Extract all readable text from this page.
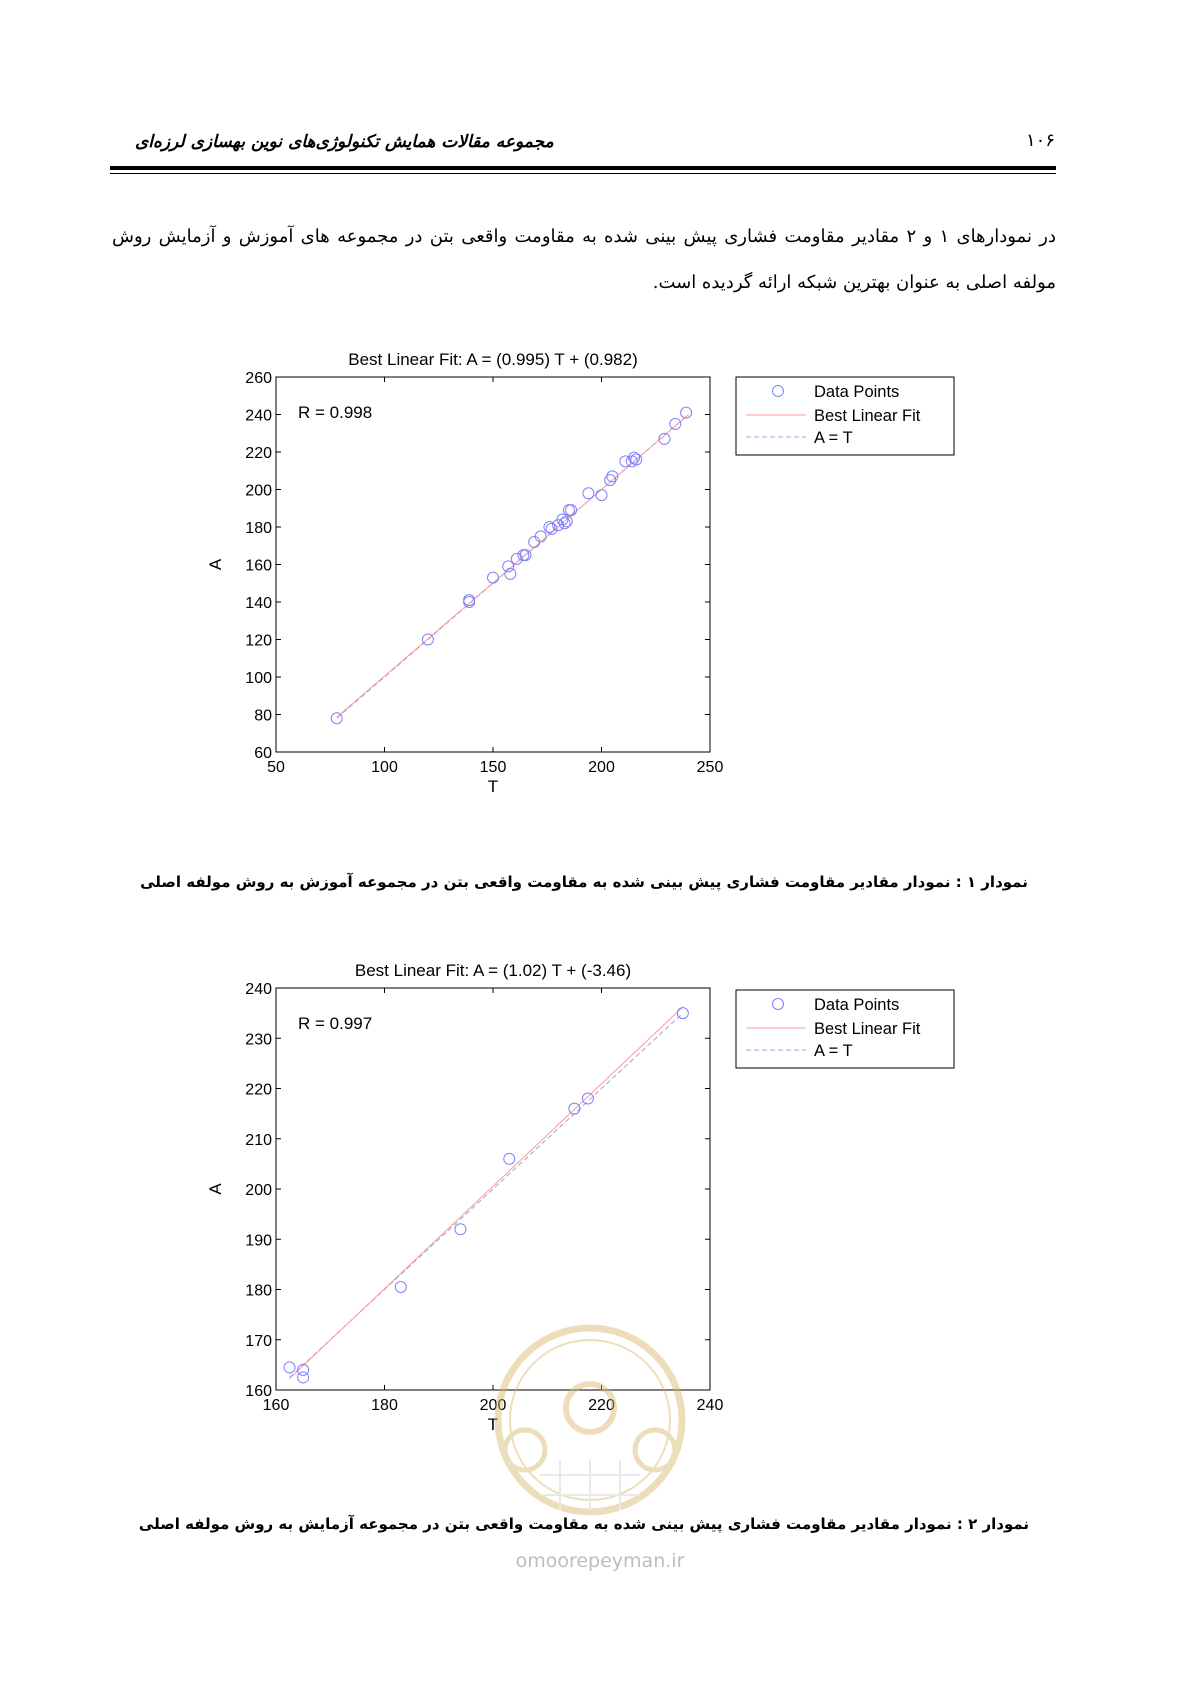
مجموعه مقالات همایش تکنولوژی‌های نوین بهسازی لرزه‌ای	۱۰۶
در نمودارهای ۱ و ۲ مقادیر مقاومت فشاری پیش بینی شده به مقاومت واقعی بتن در مجموعه های آموزش و آزمایش روش مولفه اصلی به عنوان بهترین شبکه ارائه گردیده است.
Best Linear Fit: A = (0.995) T + (0.982)
50	100	150	200	250
60
80
100
120
140
160
180
200
220
240
260
T
A
R = 0.998
Data Points
Best Linear Fit
A = T
Best Linear Fit: A = (1.02) T + (-3.46)
160	180	200	220	240
160
170
180
190
200
210
220
230
240
T
A
R = 0.997
Data Points
Best Linear Fit
A = T
omoorepeyman.ir
نمودار ۱ : نمودار مقادیر مقاومت فشاری پیش بینی شده به مقاومت واقعی بتن در مجموعه آموزش به روش مولفه اصلی
نمودار ۲ : نمودار مقادیر مقاومت فشاری پیش بینی شده به مقاومت واقعی بتن در مجموعه آزمایش به روش مولفه اصلی
